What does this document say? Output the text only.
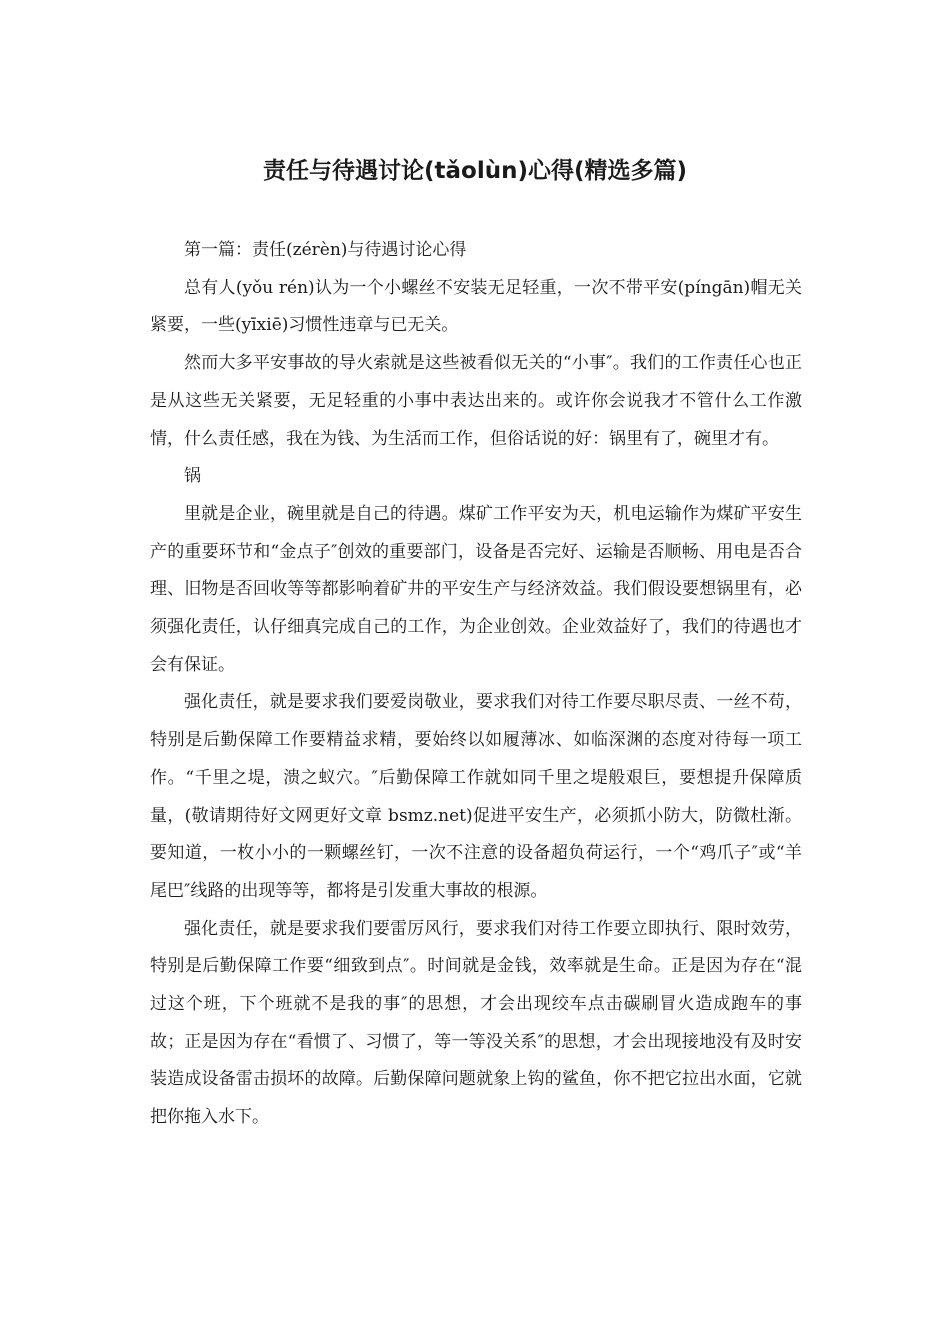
责任与待遇讨论(tǎolùn)心得(精选多篇)

第一篇：责任(zérèn)与待遇讨论心得

总有人(yǒu rén)认为一个小螺丝不安装无足轻重，一次不带平安(píngān)帽无关紧要，一些(yīxiē)习惯性违章与已无关。

然而大多平安事故的导火索就是这些被看似无关的“小事″。我们的工作责任心也正是从这些无关紧要，无足轻重的小事中表达出来的。或许你会说我才不管什么工作激情，什么责任感，我在为钱、为生活而工作，但俗话说的好：锅里有了，碗里才有。

锅

里就是企业，碗里就是自己的待遇。煤矿工作平安为天，机电运输作为煤矿平安生产的重要环节和“金点子″创效的重要部门，设备是否完好、运输是否顺畅、用电是否合理、旧物是否回收等等都影响着矿井的平安生产与经济效益。我们假设要想锅里有，必须强化责任，认仔细真完成自己的工作，为企业创效。企业效益好了，我们的待遇也才会有保证。

强化责任，就是要求我们要爱岗敬业，要求我们对待工作要尽职尽责、一丝不苟，特别是后勤保障工作要精益求精，要始终以如履薄冰、如临深渊的态度对待每一项工作。“千里之堤，溃之蚁穴。″后勤保障工作就如同千里之堤般艰巨，要想提升保障质量，(敬请期待好文网更好文章 bsmz.net)促进平安生产，必须抓小防大，防微杜渐。要知道，一枚小小的一颗螺丝钉，一次不注意的设备超负荷运行，一个“鸡爪子″或“羊尾巴″线路的出现等等，都将是引发重大事故的根源。

强化责任，就是要求我们要雷厉风行，要求我们对待工作要立即执行、限时效劳，特别是后勤保障工作要“细致到点″。时间就是金钱，效率就是生命。正是因为存在“混过这个班，下个班就不是我的事″的思想，才会出现绞车点击碳刷冒火造成跑车的事故；正是因为存在“看惯了、习惯了，等一等没关系″的思想，才会出现接地没有及时安装造成设备雷击损坏的故障。后勤保障问题就象上钩的鲨鱼，你不把它拉出水面，它就把你拖入水下。
